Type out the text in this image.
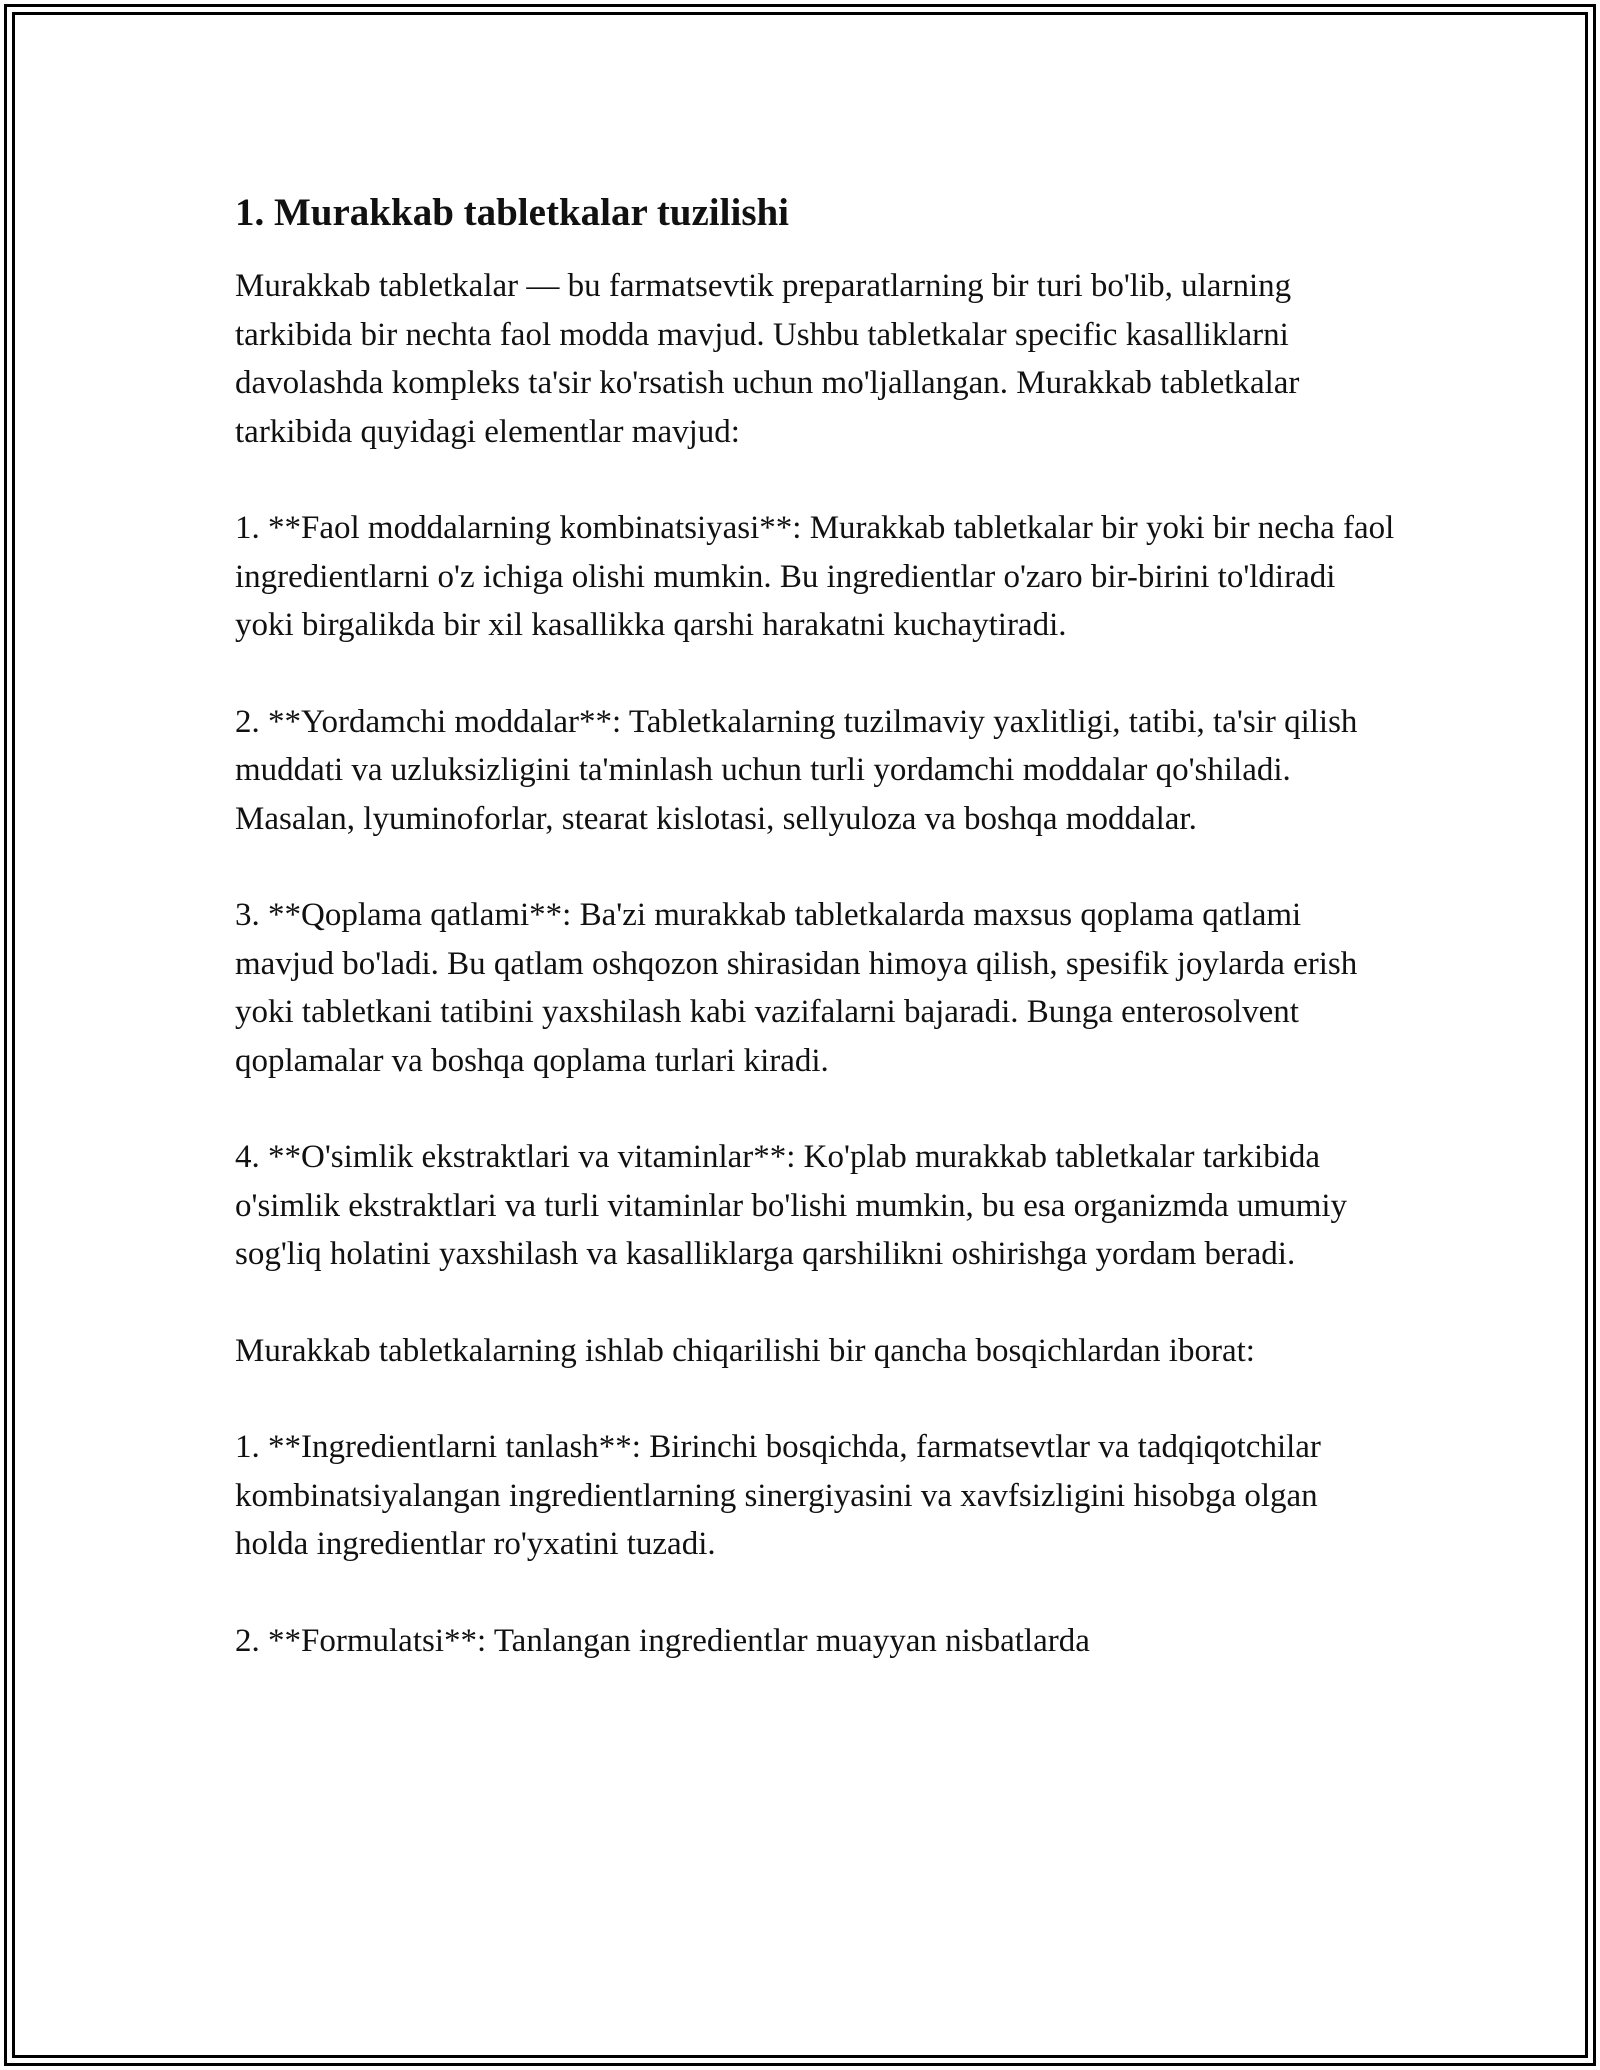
1. Murakkab tabletkalar tuzilishi

Murakkab tabletkalar — bu farmatsevtik preparatlarning bir turi bo'lib, ularning tarkibida bir nechta faol modda mavjud. Ushbu tabletkalar specific kasalliklarni davolashda kompleks ta'sir ko'rsatish uchun mo'ljallangan. Murakkab tabletkalar tarkibida quyidagi elementlar mavjud:

1. **Faol moddalarning kombinatsiyasi**: Murakkab tabletkalar bir yoki bir necha faol ingredientlarni o'z ichiga olishi mumkin. Bu ingredientlar o'zaro bir-birini to'ldiradi yoki birgalikda bir xil kasallikka qarshi harakatni kuchaytiradi.

2. **Yordamchi moddalar**: Tabletkalarning tuzilmaviy yaxlitligi, tatibi, ta'sir qilish muddati va uzluksizligini ta'minlash uchun turli yordamchi moddalar qo'shiladi. Masalan, lyuminoforlar, stearat kislotasi, sellyuloza va boshqa moddalar.

3. **Qoplama qatlami**: Ba'zi murakkab tabletkalarda maxsus qoplama qatlami mavjud bo'ladi. Bu qatlam oshqozon shirasidan himoya qilish, spesifik joylarda erish yoki tabletkani tatibini yaxshilash kabi vazifalarni bajaradi. Bunga enterosolvent qoplamalar va boshqa qoplama turlari kiradi.

4. **O'simlik ekstraktlari va vitaminlar**: Ko'plab murakkab tabletkalar tarkibida o'simlik ekstraktlari va turli vitaminlar bo'lishi mumkin, bu esa organizmda umumiy sog'liq holatini yaxshilash va kasalliklarga qarshilikni oshirishga yordam beradi.

Murakkab tabletkalarning ishlab chiqarilishi bir qancha bosqichlardan iborat:

1. **Ingredientlarni tanlash**: Birinchi bosqichda, farmatsevtlar va tadqiqotchilar kombinatsiyalangan ingredientlarning sinergiyasini va xavfsizligini hisobga olgan holda ingredientlar ro'yxatini tuzadi.

2. **Formulatsi**: Tanlangan ingredientlar muayyan nisbatlarda
